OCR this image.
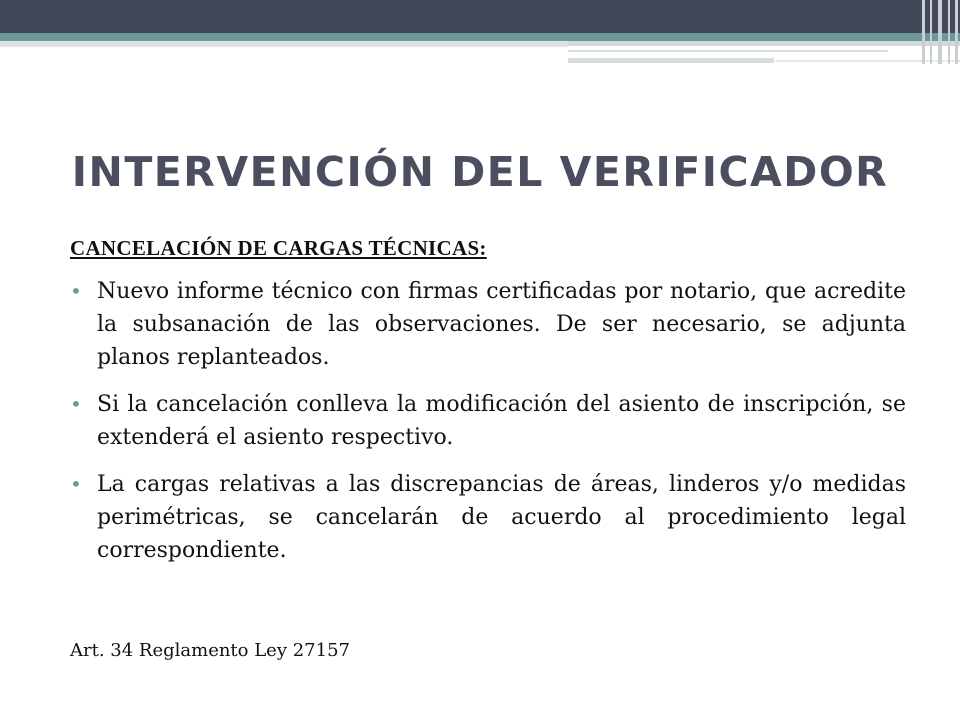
INTERVENCIÓN DEL VERIFICADOR

CANCELACIÓN DE CARGAS TÉCNICAS:

• Nuevo informe técnico con firmas certificadas por notario, que acredite la subsanación de las observaciones. De ser necesario, se adjunta planos replanteados.
• Si la cancelación conlleva la modificación del asiento de inscripción, se extenderá el asiento respectivo.
• La cargas relativas a las discrepancias de áreas, linderos y/o medidas perimétricas, se cancelarán de acuerdo al procedimiento legal correspondiente.
Art. 34 Reglamento Ley 27157
